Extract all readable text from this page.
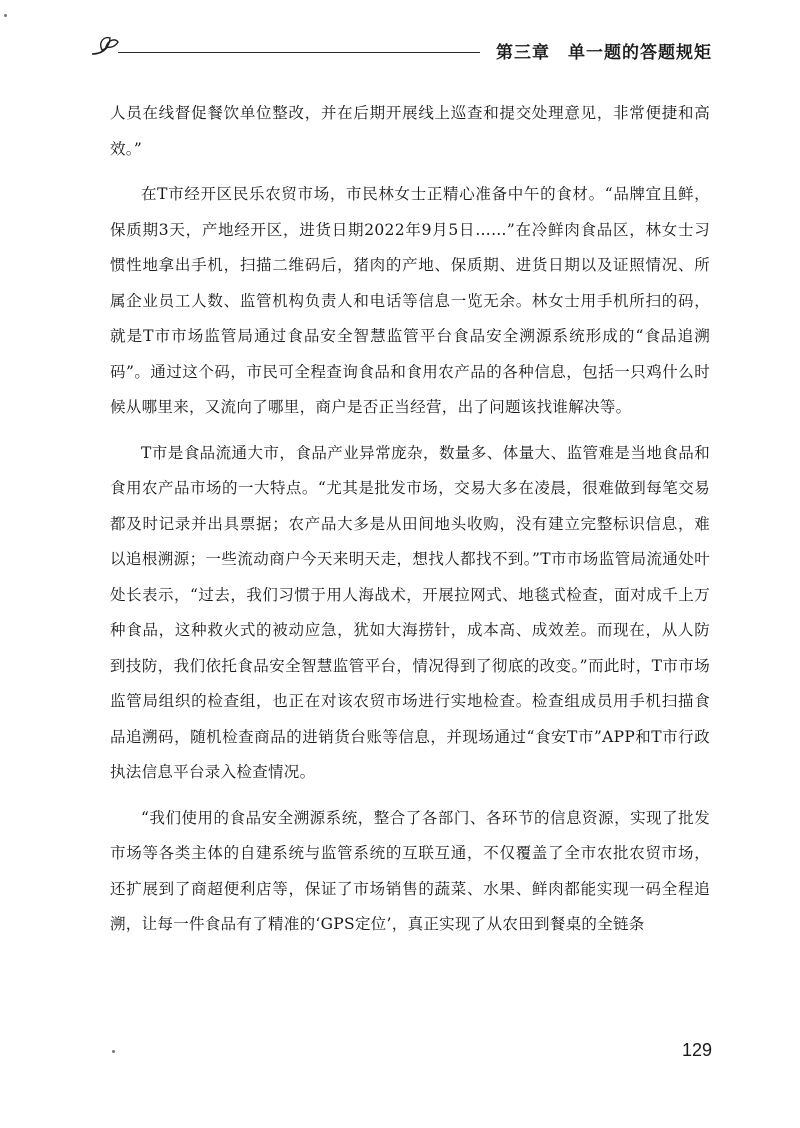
第三章 单一题的答题规矩

人员在线督促餐饮单位整改，并在后期开展线上巡查和提交处理意见，非常便捷和高效。”

在T市经开区民乐农贸市场，市民林女士正精心准备中午的食材。“品牌宜且鲜，保质期3天，产地经开区，进货日期2022年9月5日……”在冷鲜肉食品区，林女士习惯性地拿出手机，扫描二维码后，猪肉的产地、保质期、进货日期以及证照情况、所属企业员工人数、监管机构负责人和电话等信息一览无余。林女士用手机所扫的码，就是T市市场监管局通过食品安全智慧监管平台食品安全溯源系统形成的“食品追溯码”。通过这个码，市民可全程查询食品和食用农产品的各种信息，包括一只鸡什么时候从哪里来，又流向了哪里，商户是否正当经营，出了问题该找谁解决等。

T市是食品流通大市，食品产业异常庞杂，数量多、体量大、监管难是当地食品和食用农产品市场的一大特点。“尤其是批发市场，交易大多在凌晨，很难做到每笔交易都及时记录并出具票据；农产品大多是从田间地头收购，没有建立完整标识信息，难以追根溯源；一些流动商户今天来明天走，想找人都找不到。”T市市场监管局流通处叶处长表示，“过去，我们习惯于用人海战术，开展拉网式、地毯式检查，面对成千上万种食品，这种救火式的被动应急，犹如大海捞针，成本高、成效差。而现在，从人防到技防，我们依托食品安全智慧监管平台，情况得到了彻底的改变。”而此时，T市市场监管局组织的检查组，也正在对该农贸市场进行实地检查。检查组成员用手机扫描食品追溯码，随机检查商品的进销货台账等信息，并现场通过“食安T市”APP和T市行政执法信息平台录入检查情况。

“我们使用的食品安全溯源系统，整合了各部门、各环节的信息资源，实现了批发市场等各类主体的自建系统与监管系统的互联互通，不仅覆盖了全市农批农贸市场，还扩展到了商超便利店等，保证了市场销售的蔬菜、水果、鲜肉都能实现一码全程追溯，让每一件食品有了精准的‘GPS定位’，真正实现了从农田到餐桌的全链条

129
